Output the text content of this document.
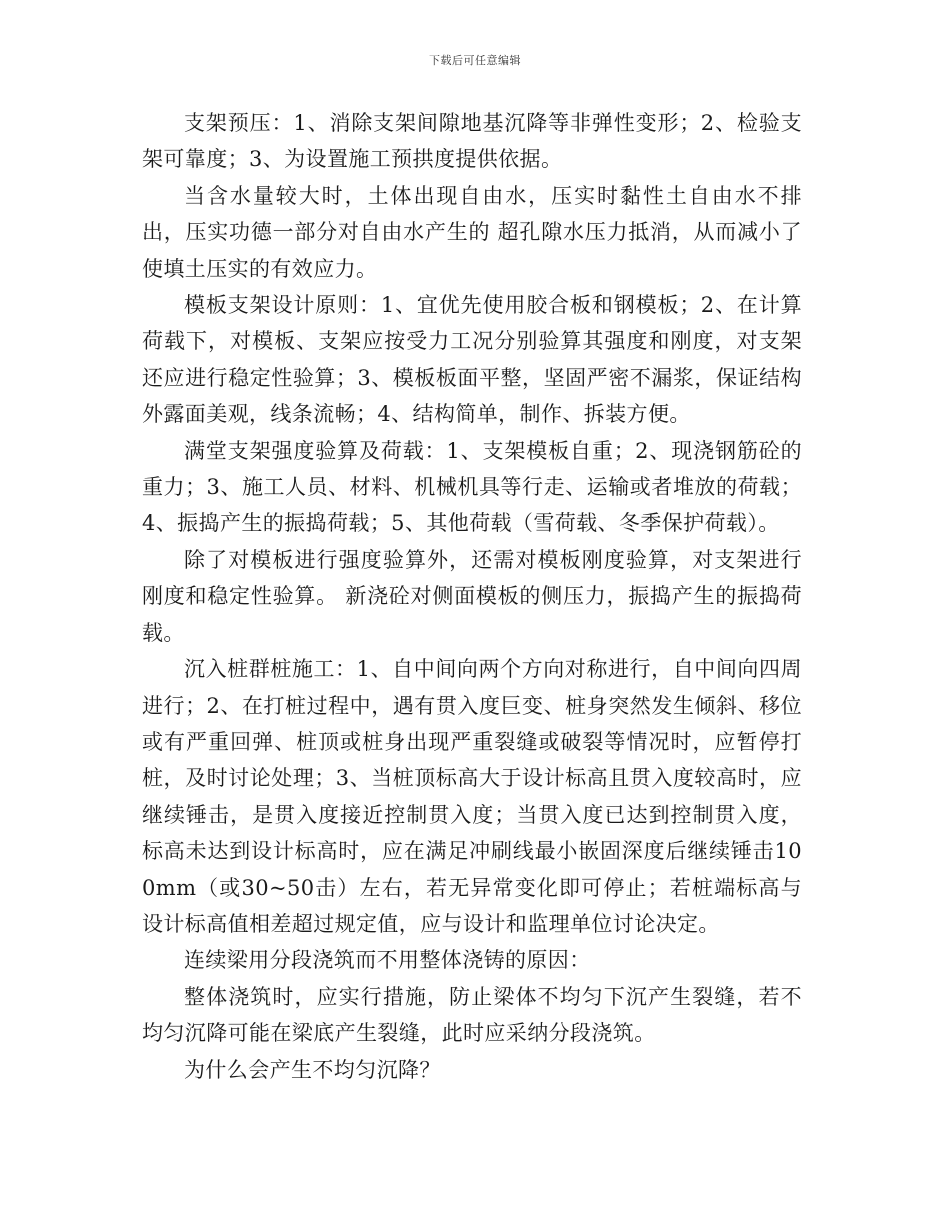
下载后可任意编辑

支架预压：1、消除支架间隙地基沉降等非弹性变形；2、检验支架可靠度；3、为设置施工预拱度提供依据。

当含水量较大时，土体出现自由水，压实时黏性土自由水不排出，压实功德一部分对自由水产生的 超孔隙水压力抵消，从而减小了使填土压实的有效应力。

模板支架设计原则：1、宜优先使用胶合板和钢模板；2、在计算荷载下，对模板、支架应按受力工况分别验算其强度和刚度，对支架还应进行稳定性验算；3、模板板面平整，坚固严密不漏浆，保证结构外露面美观，线条流畅；4、结构简单，制作、拆装方便。

满堂支架强度验算及荷载：1、支架模板自重；2、现浇钢筋砼的重力；3、施工人员、材料、机械机具等行走、运输或者堆放的荷载；4、振捣产生的振捣荷载；5、其他荷载（雪荷载、冬季保护荷载）。

除了对模板进行强度验算外，还需对模板刚度验算，对支架进行刚度和稳定性验算。 新浇砼对侧面模板的侧压力，振捣产生的振捣荷载。

沉入桩群桩施工：1、自中间向两个方向对称进行，自中间向四周进行；2、在打桩过程中，遇有贯入度巨变、桩身突然发生倾斜、移位或有严重回弹、桩顶或桩身出现严重裂缝或破裂等情况时，应暂停打桩，及时讨论处理；3、当桩顶标高大于设计标高且贯入度较高时，应继续锤击，是贯入度接近控制贯入度；当贯入度已达到控制贯入度，标高未达到设计标高时，应在满足冲刷线最小嵌固深度后继续锤击100mm（或30~50击）左右，若无异常变化即可停止；若桩端标高与设计标高值相差超过规定值，应与设计和监理单位讨论决定。

连续梁用分段浇筑而不用整体浇铸的原因：

整体浇筑时，应实行措施，防止梁体不均匀下沉产生裂缝，若不均匀沉降可能在梁底产生裂缝，此时应采纳分段浇筑。

为什么会产生不均匀沉降？
